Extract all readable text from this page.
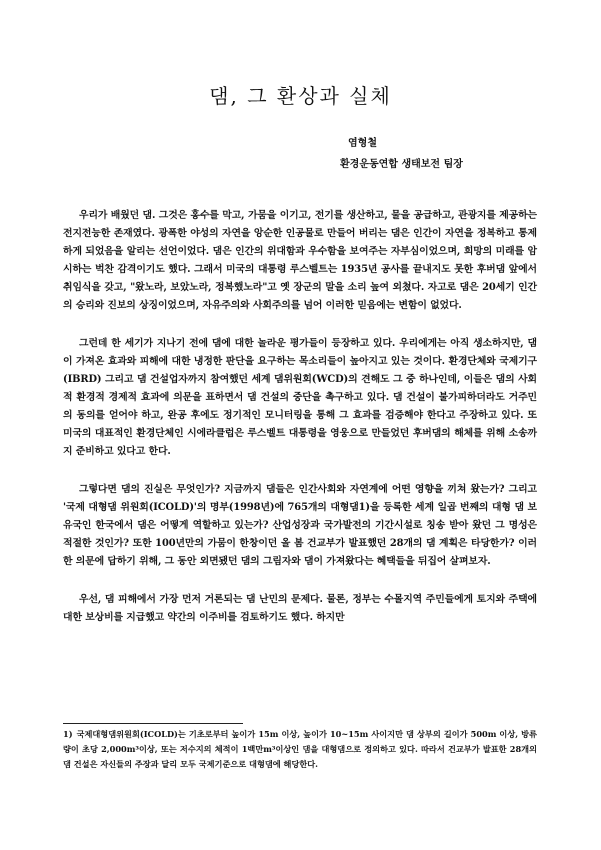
댐, 그 환상과 실체
염형철
환경운동연합 생태보전 팀장

우리가 배웠던 댐. 그것은 홍수를 막고, 가뭄을 이기고, 전기를 생산하고, 물을 공급하고, 관광지를 제공하는 전지전능한 존재였다. 광폭한 야성의 자연을 앙순한 인공물로 만들어 버리는 댐은 인간이 자연을 정복하고 통제하게 되었음을 알리는 선언이었다. 댐은 인간의 위대함과 우수함을 보여주는 자부심이었으며, 희망의 미래를 암시하는 벅찬 감격이기도 했다. 그래서 미국의 대통령 루스벨트는 1935년 공사를 끝내지도 못한 후버댐 앞에서 취임식을 갖고, "왔노라, 보았노라, 정복했노라"고 옛 장군의 말을 소리 높여 외쳤다. 자고로 댐은 20세기 인간의 승리와 진보의 상징이었으며, 자유주의와 사회주의를 넘어 이러한 믿음에는 변함이 없었다.

그런데 한 세기가 지나기 전에 댐에 대한 놀라운 평가들이 등장하고 있다. 우리에게는 아직 생소하지만, 댐이 가져온 효과와 피해에 대한 냉정한 판단을 요구하는 목소리들이 높아지고 있는 것이다. 환경단체와 국제기구(IBRD) 그리고 댐 건설업자까지 참여했던 세계 댐위원회(WCD)의 견해도 그 중 하나인데, 이들은 댐의 사회적 환경적 경제적 효과에 의문을 표하면서 댐 건설의 중단을 촉구하고 있다. 댐 건설이 불가피하더라도 거주민의 동의를 얻어야 하고, 완공 후에도 정기적인 모니터링을 통해 그 효과를 검증해야 한다고 주장하고 있다. 또 미국의 대표적인 환경단체인 시에라클럽은 루스벨트 대통령을 영웅으로 만들었던 후버댐의 해체를 위해 소송까지 준비하고 있다고 한다.

그렇다면 댐의 진실은 무엇인가? 지금까지 댐들은 인간사회와 자연계에 어떤 영향을 끼쳐 왔는가? 그리고 '국제 대형댐 위원회(ICOLD)'의 명부(1998년)에 765개의 대형댐1)을 등록한 세계 일곱 번째의 대형 댐 보유국인 한국에서 댐은 어떻게 역할하고 있는가? 산업성장과 국가발전의 기간시설로 칭송 받아 왔던 그 명성은 적절한 것인가? 또한 100년만의 가뭄이 한창이던 올 봄 건교부가 발표했던 28개의 댐 계획은 타당한가? 이러한 의문에 답하기 위해, 그 동안 외면됐던 댐의 그림자와 댐이 가져왔다는 혜택들을 뒤집어 살펴보자.

우선, 댐 피해에서 가장 먼저 거론되는 댐 난민의 문제다. 물론, 정부는 수몰지역 주민들에게 토지와 주택에 대한 보상비를 지급했고 약간의 이주비를 검토하기도 했다. 하지만

1) 국제대형댐위원회(ICOLD)는 기초로부터 높이가 15m 이상, 높이가 10~15m 사이지만 댐 상부의 길이가 500m 이상, 방류량이 초당 2,000m³이상, 또는 저수지의 체적이 1백만m³이상인 댐을 대형댐으로 정의하고 있다. 따라서 건교부가 발표한 28개의 댐 건설은 자신들의 주장과 달리 모두 국제기준으로 대형댐에 해당한다.
